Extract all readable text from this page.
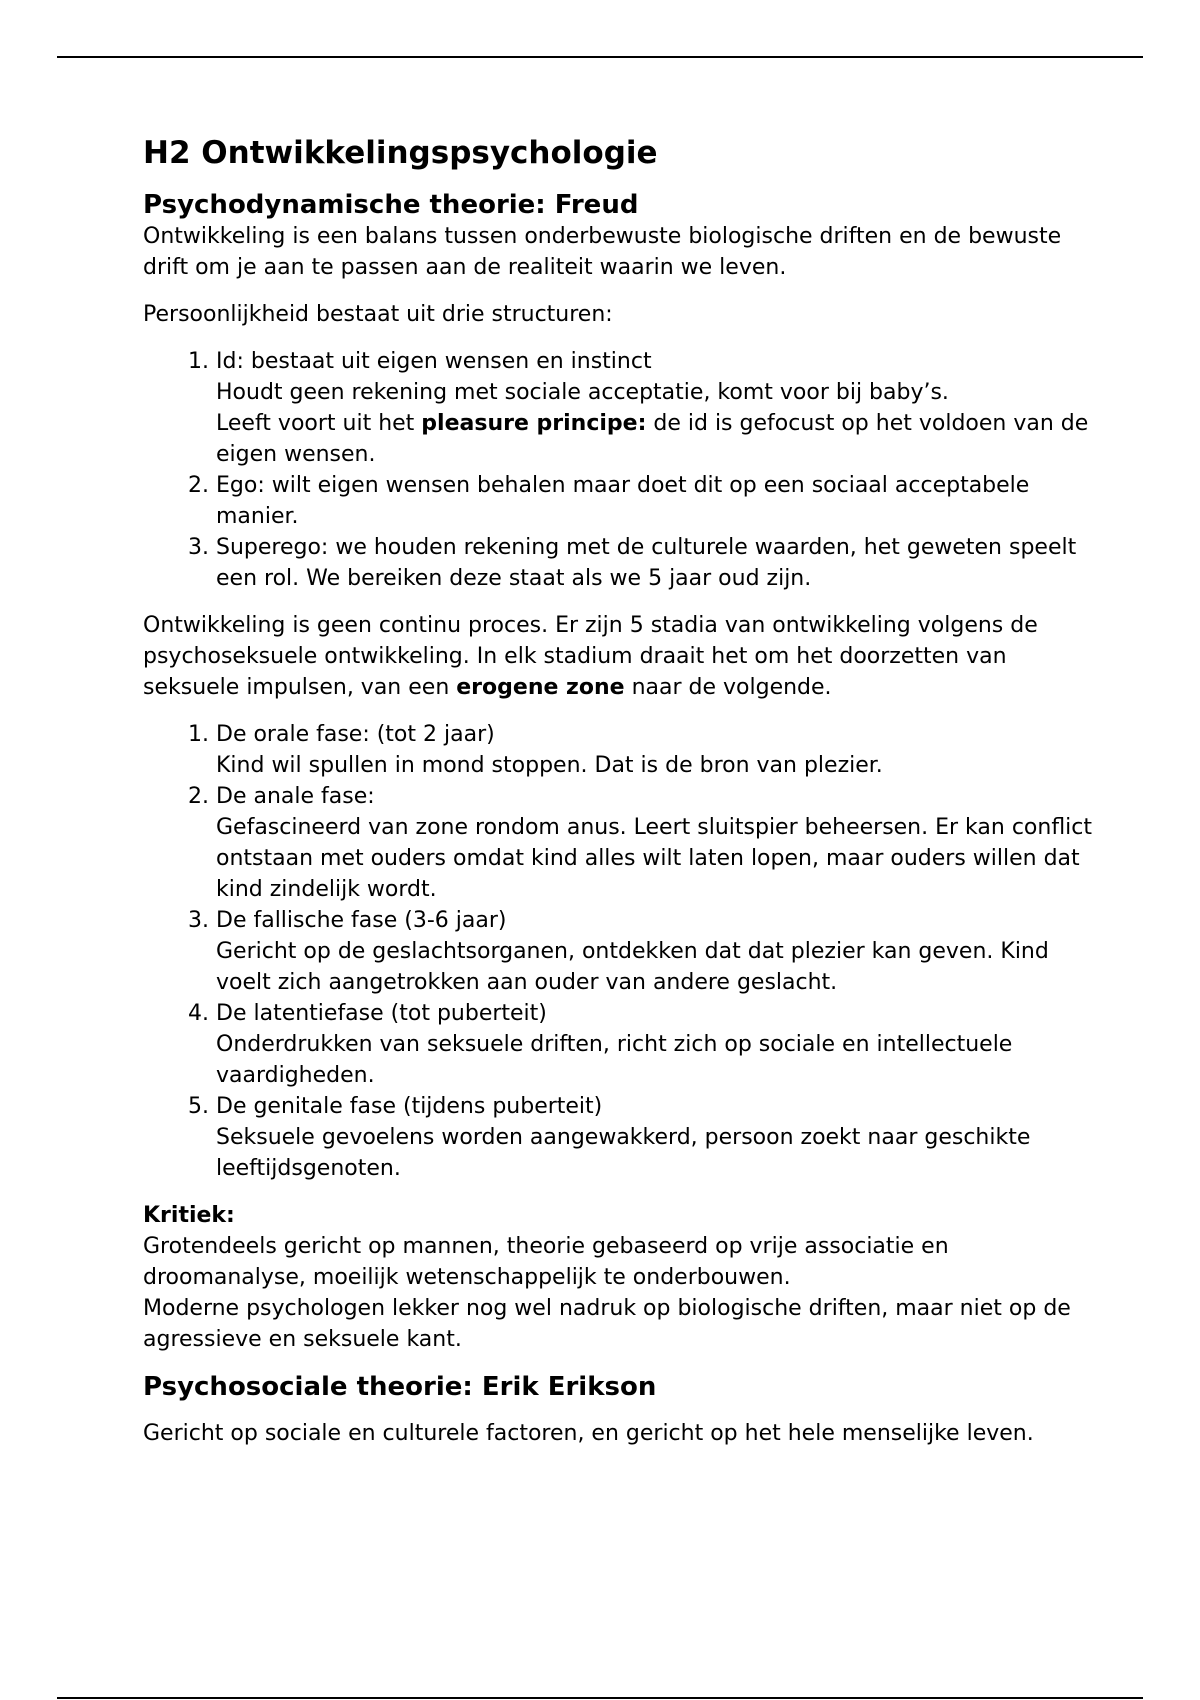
H2 Ontwikkelingspsychologie
Psychodynamische theorie: Freud

Ontwikkeling is een balans tussen onderbewuste biologische driften en de bewuste drift om je aan te passen aan de realiteit waarin we leven.

Persoonlijkheid bestaat uit drie structuren:

1. Id: bestaat uit eigen wensen en instinct
Houdt geen rekening met sociale acceptatie, komt voor bij baby’s.
Leeft voort uit het pleasure principe: de id is gefocust op het voldoen van de eigen wensen.
2. Ego: wilt eigen wensen behalen maar doet dit op een sociaal acceptabele manier.
3. Superego: we houden rekening met de culturele waarden, het geweten speelt een rol. We bereiken deze staat als we 5 jaar oud zijn.

Ontwikkeling is geen continu proces. Er zijn 5 stadia van ontwikkeling volgens de psychoseksuele ontwikkeling. In elk stadium draait het om het doorzetten van seksuele impulsen, van een erogene zone naar de volgende.

1. De orale fase: (tot 2 jaar)
Kind wil spullen in mond stoppen. Dat is de bron van plezier.
2. De anale fase:
Gefascineerd van zone rondom anus. Leert sluitspier beheersen. Er kan conflict ontstaan met ouders omdat kind alles wilt laten lopen, maar ouders willen dat kind zindelijk wordt.
3. De fallische fase (3-6 jaar)
Gericht op de geslachtsorganen, ontdekken dat dat plezier kan geven. Kind voelt zich aangetrokken aan ouder van andere geslacht.
4. De latentiefase (tot puberteit)
Onderdrukken van seksuele driften, richt zich op sociale en intellectuele vaardigheden.
5. De genitale fase (tijdens puberteit)
Seksuele gevoelens worden aangewakkerd, persoon zoekt naar geschikte leeftijdsgenoten.

Kritiek:

Grotendeels gericht op mannen, theorie gebaseerd op vrije associatie en droomanalyse, moeilijk wetenschappelijk te onderbouwen.

Moderne psychologen lekker nog wel nadruk op biologische driften, maar niet op de agressieve en seksuele kant.

Psychosociale theorie: Erik Erikson

Gericht op sociale en culturele factoren, en gericht op het hele menselijke leven.
